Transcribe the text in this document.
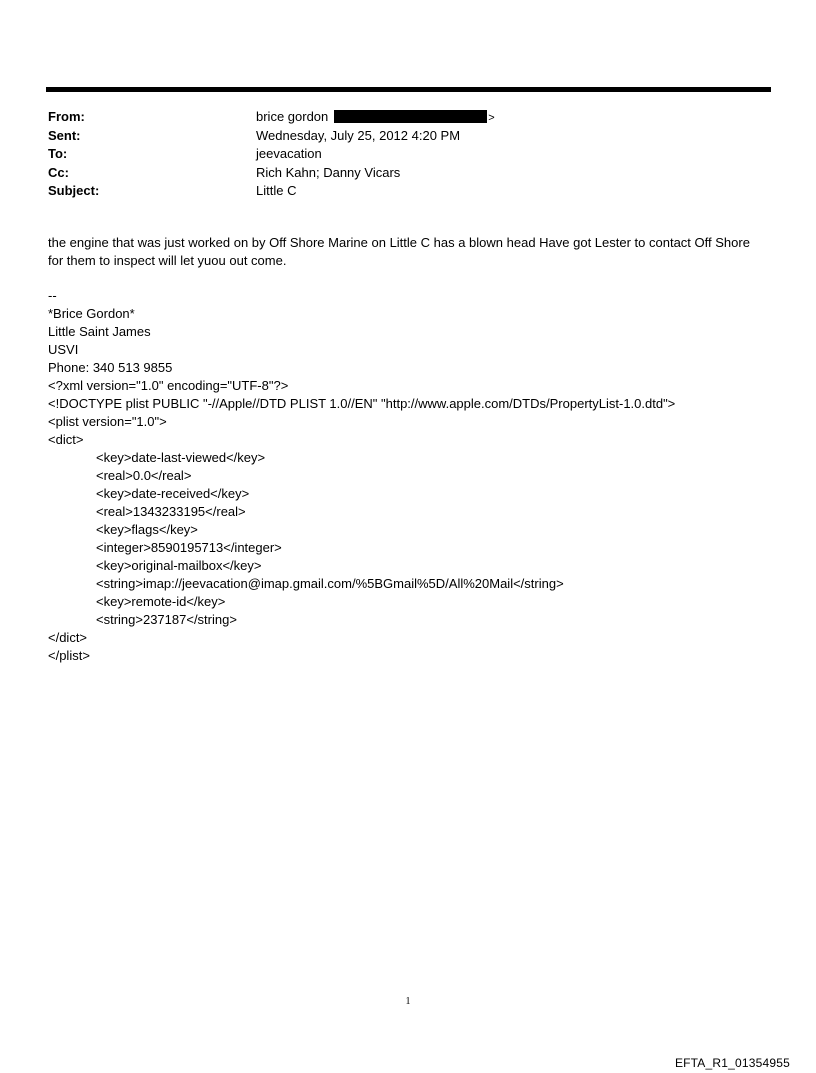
From:	brice gordon	>
Sent:	Wednesday, July 25, 2012 4:20 PM
To:	jeevacation
Cc:	Rich Kahn; Danny Vicars
Subject:	Little C

the engine that was just worked on by Off Shore Marine on Little C has a blown head Have got Lester to contact Off Shore for them to inspect will let yuou out come.

--
*Brice Gordon*
Little Saint James
USVI
Phone: 340 513 9855
<?xml version="1.0" encoding="UTF-8"?>
<!DOCTYPE plist PUBLIC "-//Apple//DTD PLIST 1.0//EN" "http://www.apple.com/DTDs/PropertyList-1.0.dtd">
<plist version="1.0">
<dict>
<key>date-last-viewed</key>
<real>0.0</real>
<key>date-received</key>
<real>1343233195</real>
<key>flags</key>
<integer>8590195713</integer>
<key>original-mailbox</key>
<string>imap://jeevacation@imap.gmail.com/%5BGmail%5D/All%20Mail</string>
<key>remote-id</key>
<string>237187</string>
</dict>
</plist>
1
EFTA_R1_01354955
